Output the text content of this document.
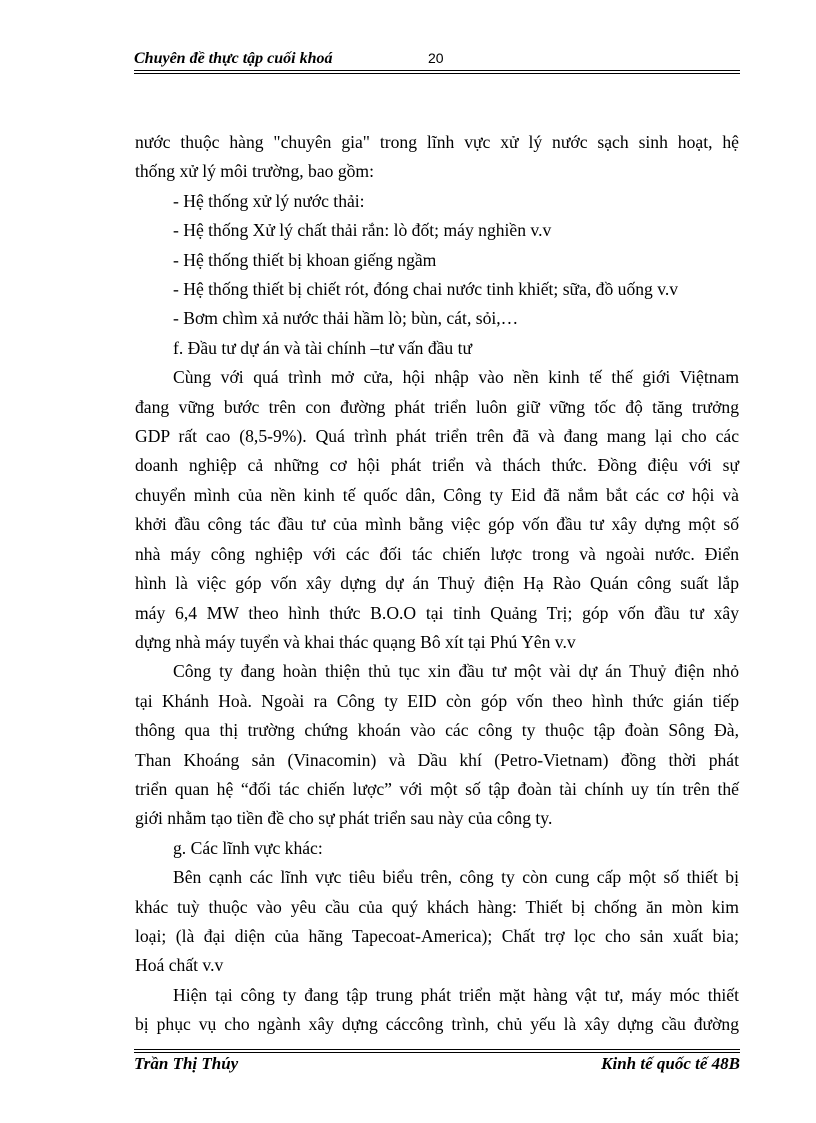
Chuyên đề thực tập cuối khoá	20

nước thuộc hàng "chuyên gia" trong lĩnh vực xử lý nước sạch sinh hoạt, hệ

thống xử lý môi trường, bao gồm:

- Hệ thống xử lý nước thải:

- Hệ thống Xử lý chất thải rắn: lò đốt; máy nghiền v.v

- Hệ thống thiết bị khoan giếng ngầm

- Hệ thống thiết bị chiết rót, đóng chai nước tinh khiết; sữa, đồ uống v.v

- Bơm chìm xả nước thải hầm lò; bùn, cát, sỏi,…

f. Đầu tư dự án và tài chính –tư vấn đầu tư

Cùng với quá trình mở cửa, hội nhập vào nền kinh tế thế giới Việtnam

đang vững bước trên con đường phát triển luôn giữ vững tốc độ tăng trưởng

GDP rất cao (8,5-9%). Quá trình phát triển trên đã và đang mang lại cho các

doanh nghiệp cả những cơ hội phát triển và thách thức. Đồng điệu với sự

chuyển mình của nền kinh tế quốc dân, Công ty Eid đã nắm bắt các cơ hội và

khởi đầu công tác đầu tư của mình bằng việc góp vốn đầu tư xây dựng một số

nhà máy công nghiệp với các đối tác chiến lược trong và ngoài nước. Điển

hình là việc góp vốn xây dựng dự án Thuỷ điện Hạ Rào Quán công suất lắp

máy 6,4 MW theo hình thức B.O.O tại tỉnh Quảng Trị; góp vốn đầu tư xây

dựng nhà máy tuyển và khai thác quạng Bô xít tại Phú Yên v.v

Công ty đang hoàn thiện thủ tục xin đầu tư một vài dự án Thuỷ điện nhỏ

tại Khánh Hoà. Ngoài ra Công ty EID còn góp vốn theo hình thức gián tiếp

thông qua thị trường chứng khoán vào các công ty thuộc tập đoàn Sông Đà,

Than Khoáng sản (Vinacomin) và Dầu khí (Petro-Vietnam) đồng thời phát

triển quan hệ “đối tác chiến lược” với một số tập đoàn tài chính uy tín trên thế

giới nhằm tạo tiền đề cho sự phát triển sau này của công ty.

g. Các lĩnh vực khác:

Bên cạnh các lĩnh vực tiêu biểu trên, công ty còn cung cấp một số thiết bị

khác tuỳ thuộc vào yêu cầu của quý khách hàng: Thiết bị chống ăn mòn kim

loại; (là đại diện của hãng Tapecoat-America); Chất trợ lọc cho sản xuất bia;

Hoá chất v.v

Hiện tại công ty đang tập trung phát triển mặt hàng vật tư, máy móc thiết

bị phục vụ cho ngành xây dựng cáccông trình, chủ yếu là xây dựng cầu đường

Trần Thị Thúy	Kinh tế quốc tế 48B
